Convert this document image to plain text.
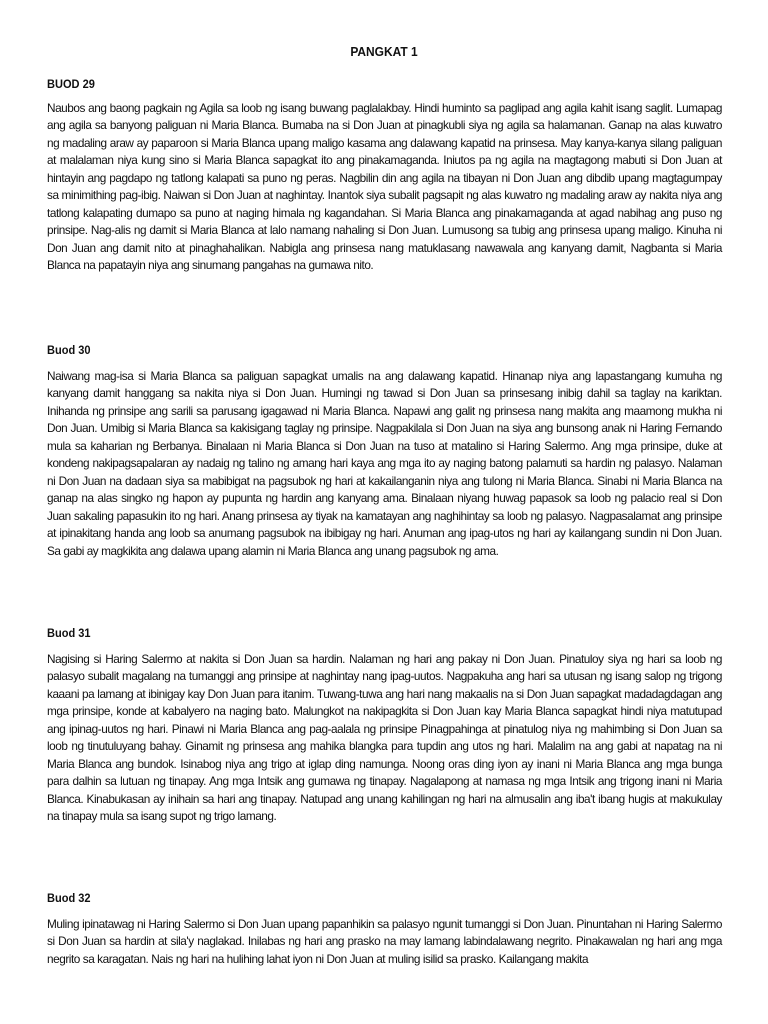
PANGKAT 1
BUOD 29

Naubos ang baong pagkain ng Agila sa loob ng isang buwang paglalakbay. Hindi huminto sa paglipad ang agila kahit isang saglit. Lumapag ang agila sa banyong paliguan ni Maria Blanca. Bumaba na si Don Juan at pinagkubli siya ng agila sa halamanan. Ganap na alas kuwatro ng madaling araw ay paparoon si Maria Blanca upang maligo kasama ang dalawang kapatid na prinsesa. May kanya-kanya silang paliguan at malalaman niya kung sino si Maria Blanca sapagkat ito ang pinakamaganda. Iniutos pa ng agila na magtagong mabuti si Don Juan at hintayin ang pagdapo ng tatlong kalapati sa puno ng peras. Nagbilin din ang agila na tibayan ni Don Juan ang dibdib upang magtagumpay sa minimithing pag-ibig. Naiwan si Don Juan at naghintay. Inantok siya subalit pagsapit ng alas kuwatro ng madaling araw ay nakita niya ang tatlong kalapating dumapo sa puno at naging himala ng kagandahan. Si Maria Blanca ang pinakamaganda at agad nabihag ang puso ng prinsipe. Nag-alis ng damit si Maria Blanca at lalo namang nahaling si Don Juan. Lumusong sa tubig ang prinsesa upang maligo. Kinuha ni Don Juan ang damit nito at pinaghahalikan. Nabigla ang prinsesa nang matuklasang nawawala ang kanyang damit, Nagbanta si Maria Blanca na papatayin niya ang sinumang pangahas na gumawa nito.

Buod 30

Naiwang mag-isa si Maria Blanca sa paliguan sapagkat umalis na ang dalawang kapatid. Hinanap niya ang lapastangang kumuha ng kanyang damit hanggang sa nakita niya si Don Juan. Humingi ng tawad si Don Juan sa prinsesang inibig dahil sa taglay na kariktan. Inihanda ng prinsipe ang sarili sa parusang igagawad ni Maria Blanca. Napawi ang galit ng prinsesa nang makita ang maamong mukha ni Don Juan. Umibig si Maria Blanca sa kakisigang taglay ng prinsipe. Nagpakilala si Don Juan na siya ang bunsong anak ni Haring Fernando mula sa kaharian ng Berbanya. Binalaan ni Maria Blanca si Don Juan na tuso at matalino si Haring Salermo. Ang mga prinsipe, duke at kondeng nakipagsapalaran ay nadaig ng talino ng amang hari kaya ang mga ito ay naging batong palamuti sa hardin ng palasyo. Nalaman ni Don Juan na dadaan siya sa mabibigat na pagsubok ng hari at kakailanganin niya ang tulong ni Maria Blanca. Sinabi ni Maria Blanca na ganap na alas singko ng hapon ay pupunta ng hardin ang kanyang ama. Binalaan niyang huwag papasok sa loob ng palacio real si Don Juan sakaling papasukin ito ng hari. Anang prinsesa ay tiyak na kamatayan ang naghihintay sa loob ng palasyo. Nagpasalamat ang prinsipe at ipinakitang handa ang loob sa anumang pagsubok na ibibigay ng hari. Anuman ang ipag-utos ng hari ay kailangang sundin ni Don Juan. Sa gabi ay magkikita ang dalawa upang alamin ni Maria Blanca ang unang pagsubok ng ama.

Buod 31

Nagising si Haring Salermo at nakita si Don Juan sa hardin. Nalaman ng hari ang pakay ni Don Juan. Pinatuloy siya ng hari sa loob ng palasyo subalit magalang na tumanggi ang prinsipe at naghintay nang ipag-uutos. Nagpakuha ang hari sa utusan ng isang salop ng trigong kaaani pa lamang at ibinigay kay Don Juan para itanim. Tuwang-tuwa ang hari nang makaalis na si Don Juan sapagkat madadagdagan ang mga prinsipe, konde at kabalyero na naging bato. Malungkot na nakipagkita si Don Juan kay Maria Blanca sapagkat hindi niya matutupad ang ipinag-uutos ng hari. Pinawi ni Maria Blanca ang pag-aalala ng prinsipe Pinagpahinga at pinatulog niya ng mahimbing si Don Juan sa loob ng tinutuluyang bahay. Ginamit ng prinsesa ang mahika blangka para tupdin ang utos ng hari. Malalim na ang gabi at napatag na ni Maria Blanca ang bundok. Isinabog niya ang trigo at iglap ding namunga. Noong oras ding iyon ay inani ni Maria Blanca ang mga bunga para dalhin sa lutuan ng tinapay. Ang mga Intsik ang gumawa ng tinapay. Nagalapong at namasa ng mga Intsik ang trigong inani ni Maria Blanca. Kinabukasan ay inihain sa hari ang tinapay. Natupad ang unang kahilingan ng hari na almusalin ang iba't ibang hugis at makukulay na tinapay mula sa isang supot ng trigo lamang.

Buod 32

Muling ipinatawag ni Haring Salermo si Don Juan upang papanhikin sa palasyo ngunit tumanggi si Don Juan. Pinuntahan ni Haring Salermo si Don Juan sa hardin at sila'y naglakad. Inilabas ng hari ang prasko na may lamang labindalawang negrito. Pinakawalan ng hari ang mga negrito sa karagatan. Nais ng hari na hulihing lahat iyon ni Don Juan at muling isilid sa prasko. Kailangang makita
